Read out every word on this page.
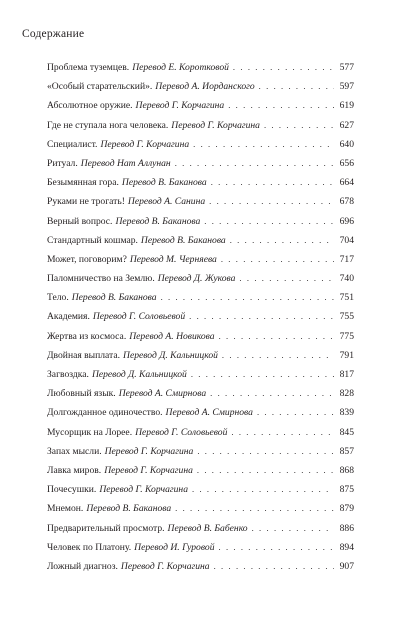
Содержание
Проблема туземцев. Перевод Е. Коротковой . . .	577
«Особый старательский». Перевод А. Иорданского . . .	597
Абсолютное оружие. Перевод Г. Корчагина . . .	619
Где не ступала нога человека. Перевод Г. Корчагина . . .	627
Специалист. Перевод Г. Корчагина . . .	640
Ритуал. Перевод Нат Аллунан . . .	656
Безымянная гора. Перевод В. Баканова . . .	664
Руками не трогать! Перевод А. Санина . . .	678
Верный вопрос. Перевод В. Баканова . . .	696
Стандартный кошмар. Перевод В. Баканова . . .	704
Может, поговорим? Перевод М. Черняева . . .	717
Паломничество на Землю. Перевод Д. Жукова . . .	740
Тело. Перевод В. Баканова . . .	751
Академия. Перевод Г. Соловьевой . . .	755
Жертва из космоса. Перевод А. Новикова . . .	775
Двойная выплата. Перевод Д. Кальницкой . . .	791
Загвоздка. Перевод Д. Кальницкой . . .	817
Любовный язык. Перевод А. Смирнова . . .	828
Долгожданное одиночество. Перевод А. Смирнова . . .	839
Мусорщик на Лорее. Перевод Г. Соловьевой . . .	845
Запах мысли. Перевод Г. Корчагина . . .	857
Лавка миров. Перевод Г. Корчагина . . .	868
Почесушки. Перевод Г. Корчагина . . .	875
Мнемон. Перевод В. Баканова . . .	879
Предварительный просмотр. Перевод В. Бабенко . . .	886
Человек по Платону. Перевод И. Гуровой . . .	894
Ложный диагноз. Перевод Г. Корчагина . . .	907
